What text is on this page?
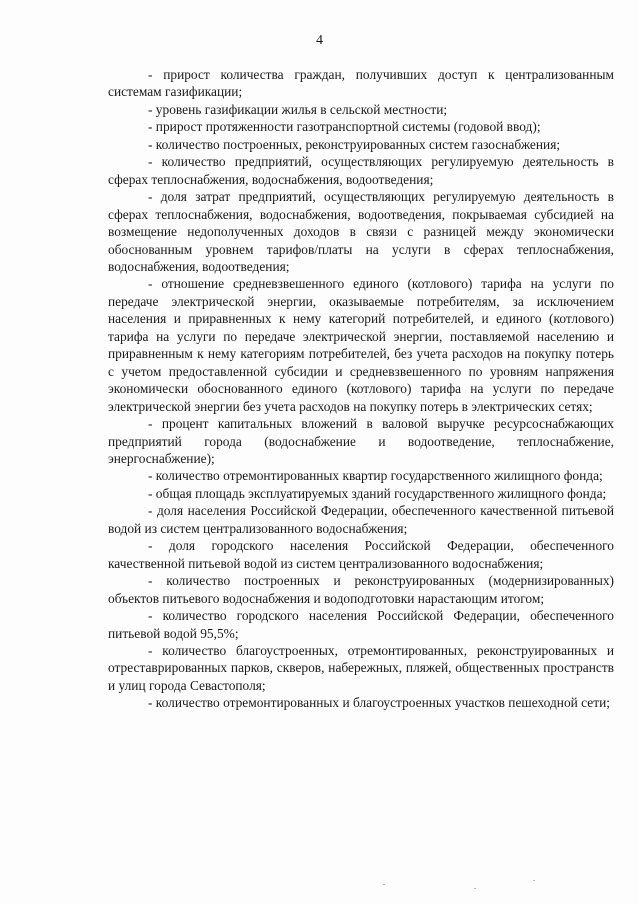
4

- прирост количества граждан, получивших доступ к централизованным системам газификации;

- уровень газификации жилья в сельской местности;

- прирост протяженности газотранспортной системы (годовой ввод);

- количество построенных, реконструированных систем газоснабжения;

- количество предприятий, осуществляющих регулируемую деятельность в сферах теплоснабжения, водоснабжения, водоотведения;

- доля затрат предприятий, осуществляющих регулируемую деятельность в сферах теплоснабжения, водоснабжения, водоотведения, покрываемая субсидией на возмещение недополученных доходов в связи с разницей между экономически обоснованным уровнем тарифов/платы на услуги в сферах теплоснабжения, водоснабжения, водоотведения;

- отношение средневзвешенного единого (котлового) тарифа на услуги по передаче электрической энергии, оказываемые потребителям, за исключением населения и приравненных к нему категорий потребителей, и единого (котлового) тарифа на услуги по передаче электрической энергии, поставляемой населению и приравненным к нему категориям потребителей, без учета расходов на покупку потерь с учетом предоставленной субсидии и средневзвешенного по уровням напряжения экономически обоснованного единого (котлового) тарифа на услуги по передаче электрической энергии без учета расходов на покупку потерь в электрических сетях;

- процент капитальных вложений в валовой выручке ресурсоснабжающих предприятий города (водоснабжение и водоотведение, теплоснабжение, энергоснабжение);

- количество отремонтированных квартир государственного жилищного фонда;

- общая площадь эксплуатируемых зданий государственного жилищного фонда;

- доля населения Российской Федерации, обеспеченного качественной питьевой водой из систем централизованного водоснабжения;

- доля городского населения Российской Федерации, обеспеченного качественной питьевой водой из систем централизованного водоснабжения;

- количество построенных и реконструированных (модернизированных) объектов питьевого водоснабжения и водоподготовки нарастающим итогом;

- количество городского населения Российской Федерации, обеспеченного питьевой водой 95,5%;

- количество благоустроенных, отремонтированных, реконструированных и отреставрированных парков, скверов, набережных, пляжей, общественных пространств и улиц города Севастополя;

- количество отремонтированных и благоустроенных участков пешеходной сети;
